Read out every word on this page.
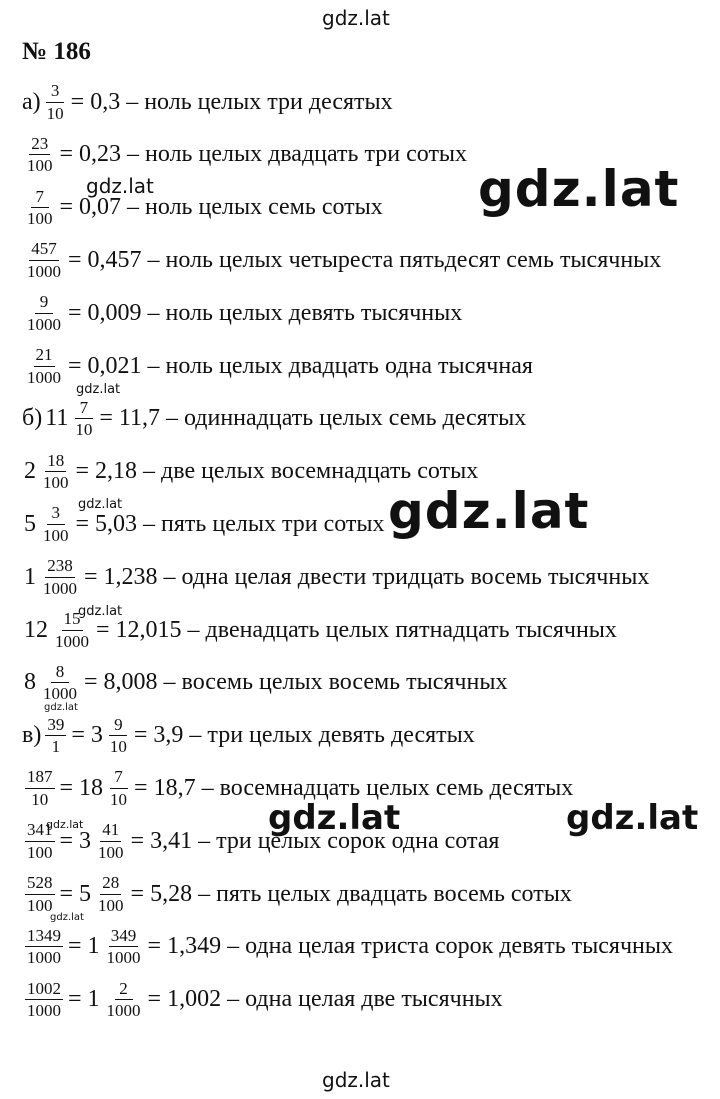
gdz.lat
№ 186
$а) \frac{3}{10} = 0,3$ – ноль целых три десятых
$\frac{23}{100} = 0,23$ – ноль целых двадцать три сотых
$\frac{7}{100} = 0,07$ – ноль целых семь сотых
$\frac{457}{1000} = 0,457$ – ноль целых четыреста пятьдесят семь тысячных
$\frac{9}{1000} = 0,009$ – ноль целых девять тысячных
$\frac{21}{1000} = 0,021$ – ноль целых двадцать одна тысячная
б) $11 \frac{7}{10} = 11,7$ – одиннадцать целых семь десятых
$2 \frac{18}{100} = 2,18$ – две целых восемнадцать сотых
$5 \frac{3}{100} = 5,03$ – пять целых три сотых
$1 \frac{238}{1000} = 1,238$ – одна целая двести тридцать восемь тысячных
$12 \frac{15}{1000} = 12,015$ – двенадцать целых пятнадцать тысячных
$8 \frac{8}{1000} = 8,008$ – восемь целых восемь тысячных
$в) \frac{39}{1} = 3 \frac{9}{10} = 3,9$ – три целых девять десятых
$\frac{187}{10} = 18 \frac{7}{10} = 18,7$ – восемнадцать целых семь десятых
$\frac{341}{100} = 3 \frac{41}{100} = 3,41$ – три целых сорок одна сотая
$\frac{528}{100} = 5 \frac{28}{100} = 5,28$ – пять целых двадцать восемь сотых
$\frac{1349}{1000} = 1 \frac{349}{1000} = 1,349$ – одна целая триста сорок девять тысячных
$\frac{1002}{1000} = 1 \frac{2}{1000} = 1,002$ – одна целая две тысячных
gdz.lat
gdz.lat
gdz.lat	gdz.lat
gdz.lat
gdz.lat
gdz.lat
gdz.lat
gdz.lat
gdz.lat
gdz.lat
gdz.lat
